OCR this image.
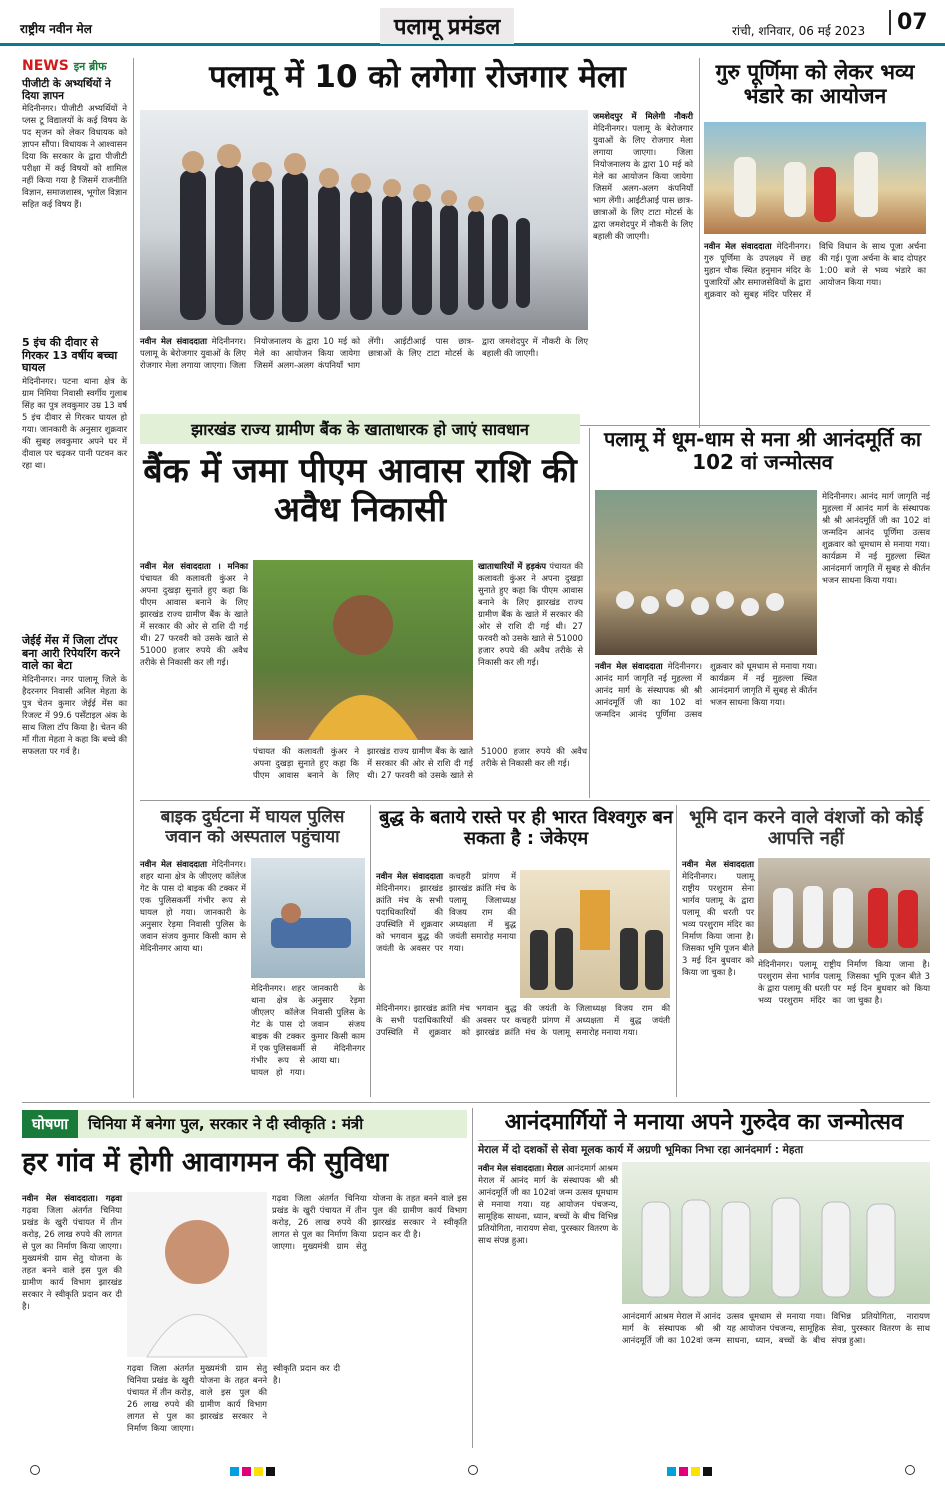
राष्ट्रीय नवीन मेल	पलामू प्रमंडल	रांची, शनिवार, 06 मई 2023	07
NEWS इन ब्रीफ
पीजीटी के अभ्यर्थियों ने दिया ज्ञापन
मेदिनीनगर। पीजीटी अभ्यर्थियों ने प्लस टू विद्यालयों के कई विषय के पद सृजन को लेकर विधायक को ज्ञापन सौंपा। विधायक ने आश्वासन दिया कि सरकार के द्वारा पीजीटी परीक्षा में कई विषयों को शामिल नहीं किया गया है जिसमें राजनीति विज्ञान, समाजशास्त्र, भूगोल विज्ञान सहित कई विषय हैं।
5 इंच की दीवार से गिरकर 13 वर्षीय बच्चा घायल
मेदिनीनगर। पटना थाना क्षेत्र के ग्राम निमिया निवासी स्वर्गीय गुलाब सिंह का पुत्र लवकुमार उम्र 13 वर्ष 5 इंच दीवार से गिरकर घायल हो गया। जानकारी के अनुसार शुक्रवार की सुबह लवकुमार अपने घर में दीवाल पर चढ़कर पानी पटवन कर रहा था।
जेईई मेंस में जिला टॉपर बना आरी रिपेयरिंग करने वाले का बेटा
मेदिनीनगर। नगर पालामू जिले के हैदरनगर निवासी अनिल मेहता के पुत्र चेतन कुमार जेईई मेंस का रिजल्ट में 99.6 पर्सेंटाइल अंक के साथ जिला टॉप किया है। चेतन की माँ गीता मेहता ने कहा कि बच्चे की सफलता पर गर्व है।
पलामू में 10 को लगेगा रोजगार मेला
नवीन मेल संवाददाता मेदिनीनगर। पलामू के बेरोजगार युवाओं के लिए राेजगार मेला लगाया जाएगा। जिला नियोजनालय के द्वारा 10 मई को मेले का आयोजन किया जायेगा जिसमें अलग-अलग कंपनियाँ भाग लेंगी। आईटीआई पास छात्र-छात्राओं के लिए टाटा मोटर्स के द्वारा जमशेदपुर में नौकरी के लिए बहाली की जाएगी।
जमशेदपुर में मिलेगी नौकरी मेदिनीनगर। पलामू के बेरोजगार युवाओं के लिए राेजगार मेला लगाया जाएगा। जिला नियोजनालय के द्वारा 10 मई को मेले का आयोजन किया जायेगा जिसमें अलग-अलग कंपनियाँ भाग लेंगी। आईटीआई पास छात्र-छात्राओं के लिए टाटा मोटर्स के द्वारा जमशेदपुर में नौकरी के लिए बहाली की जाएगी।
गुरु पूर्णिमा को लेकर भव्य भंडारे का आयोजन
नवीन मेल संवाददाता मेदिनीनगर। गुरु पूर्णिमा के उपलक्ष्य में छह मुहान चौक स्थित हनुमान मंदिर के पुजारियों और समाजसेवियों के द्वारा शुक्रवार को सुबह मंदिर परिसर में विधि विधान के साथ पूजा अर्चना की गई। पूजा अर्चना के बाद दोपहर 1:00 बजे से भव्य भंडारे का आयोजन किया गया।
झारखंड राज्य ग्रामीण बैंक के खाताधारक हो जाएं सावधान
बैंक में जमा पीएम आवास राशि की अवैध निकासी
नवीन मेल संवाददाता । मनिका पंचायत की कलावती कुंअर ने अपना दुखड़ा सुनाते हुए कहा कि पीएम आवास बनाने के लिए झारखंड राज्य ग्रामीण बैंक के खाते में सरकार की ओर से राशि दी गई थी। 27 फरवरी को उसके खाते से 51000 हजार रुपये की अवैध तरीके से निकासी कर ली गई।
पंचायत की कलावती कुंअर ने अपना दुखड़ा सुनाते हुए कहा कि पीएम आवास बनाने के लिए झारखंड राज्य ग्रामीण बैंक के खाते में सरकार की ओर से राशि दी गई थी। 27 फरवरी को उसके खाते से 51000 हजार रुपये की अवैध तरीके से निकासी कर ली गई।
खाताधारियों में हड़कंप पंचायत की कलावती कुंअर ने अपना दुखड़ा सुनाते हुए कहा कि पीएम आवास बनाने के लिए झारखंड राज्य ग्रामीण बैंक के खाते में सरकार की ओर से राशि दी गई थी। 27 फरवरी को उसके खाते से 51000 हजार रुपये की अवैध तरीके से निकासी कर ली गई।
पलामू में धूम-धाम से मना श्री आनंदमूर्ति का 102 वां जन्मोत्सव
नवीन मेल संवाददाता मेदिनीनगर। आनंद मार्ग जागृति नई मुहल्ला में आनंद मार्ग के संस्थापक श्री श्री आनंदमूर्ति जी का 102 वां जन्मदिन आनंद पूर्णिमा उत्सव शुक्रवार को धूमधाम से मनाया गया। कार्यक्रम में नई मुहल्ला स्थित आनंदमार्ग जागृति में सुबह से कीर्तन भजन साधना किया गया।
मेदिनीनगर। आनंद मार्ग जागृति नई मुहल्ला में आनंद मार्ग के संस्थापक श्री श्री आनंदमूर्ति जी का 102 वां जन्मदिन आनंद पूर्णिमा उत्सव शुक्रवार को धूमधाम से मनाया गया। कार्यक्रम में नई मुहल्ला स्थित आनंदमार्ग जागृति में सुबह से कीर्तन भजन साधना किया गया।
बाइक दुर्घटना में घायल पुलिस जवान को अस्पताल पहुंचाया
नवीन मेल संवाददाता मेदिनीनगर। शहर थाना क्षेत्र के जीएलए कॉलेज गेट के पास दो बाइक की टक्कर में एक पुलिसकर्मी गंभीर रूप से घायल हो गया। जानकारी के अनुसार रेड़मा निवासी पुलिस के जवान संजय कुमार किसी काम से मेदिनीनगर आया था।
मेदिनीनगर। शहर थाना क्षेत्र के जीएलए कॉलेज गेट के पास दो बाइक की टक्कर में एक पुलिसकर्मी गंभीर रूप से घायल हो गया। जानकारी के अनुसार रेड़मा निवासी पुलिस के जवान संजय कुमार किसी काम से मेदिनीनगर आया था।
बुद्ध के बताये रास्ते पर ही भारत विश्वगुरु बन सकता है : जेकेएम
नवीन मेल संवाददाता मेदिनीनगर। झारखंड क्रांति मंच के सभी पदाधिकारियों की उपस्थिति में शुक्रवार को भगवान बुद्ध की जयंती के अवसर पर कचहरी प्रांगण में झारखंड क्रांति मंच के पलामू जिलाध्यक्ष विजय राम की अध्यक्षता में बुद्ध जयंती समारोह मनाया गया।
मेदिनीनगर। झारखंड क्रांति मंच के सभी पदाधिकारियों की उपस्थिति में शुक्रवार को भगवान बुद्ध की जयंती के अवसर पर कचहरी प्रांगण में झारखंड क्रांति मंच के पलामू जिलाध्यक्ष विजय राम की अध्यक्षता में बुद्ध जयंती समारोह मनाया गया।
भूमि दान करने वाले वंशजों को कोई आपत्ति नहीं
नवीन मेल संवाददाता मेदिनीनगर। पलामू राष्ट्रीय परशुराम सेना भार्गव पलामू के द्वारा पलामू की धरती पर भव्य परशुराम मंदिर का निर्माण किया जाना है। जिसका भूमि पूजन बीते 3 मई दिन बुधवार को किया जा चुका है।
मेदिनीनगर। पलामू राष्ट्रीय परशुराम सेना भार्गव पलामू के द्वारा पलामू की धरती पर भव्य परशुराम मंदिर का निर्माण किया जाना है। जिसका भूमि पूजन बीते 3 मई दिन बुधवार को किया जा चुका है।
घोषणा	चिनिया में बनेगा पुल, सरकार ने दी स्वीकृति : मंत्री
हर गांव में होगी आवागमन की सुविधा
नवीन मेल संवाददाता। गढ़वा गढ़वा जिला अंतर्गत चिनिया प्रखंड के खुरी पंचायत में तीन करोड़, 26 लाख रुपये की लागत से पुल का निर्माण किया जाएगा। मुख्यमंत्री ग्राम सेतु योजना के तहत बनने वाले इस पुल की ग्रामीण कार्य विभाग झारखंड सरकार ने स्वीकृति प्रदान कर दी है।
गढ़वा जिला अंतर्गत चिनिया प्रखंड के खुरी पंचायत में तीन करोड़, 26 लाख रुपये की लागत से पुल का निर्माण किया जाएगा। मुख्यमंत्री ग्राम सेतु योजना के तहत बनने वाले इस पुल की ग्रामीण कार्य विभाग झारखंड सरकार ने स्वीकृति प्रदान कर दी है।
गढ़वा जिला अंतर्गत चिनिया प्रखंड के खुरी पंचायत में तीन करोड़, 26 लाख रुपये की लागत से पुल का निर्माण किया जाएगा। मुख्यमंत्री ग्राम सेतु योजना के तहत बनने वाले इस पुल की ग्रामीण कार्य विभाग झारखंड सरकार ने स्वीकृति प्रदान कर दी है।
आनंदमार्गियों ने मनाया अपने गुरुदेव का जन्मोत्सव
मेराल में दो दशकों से सेवा मूलक कार्य में अग्रणी भूमिका निभा रहा आनंदमार्ग : मेहता
नवीन मेल संवाददाता। मेराल आनंदमार्ग आश्रम मेराल में आनंद मार्ग के संस्थापक श्री श्री आनंदमूर्ति जी का 102वां जन्म उत्सव धूमधाम से मनाया गया। यह आयोजन पंचजन्य, सामूहिक साधना, ध्यान, बच्चों के बीच विभिन्न प्रतियोगिता, नारायण सेवा, पुरस्कार वितरण के साथ संपन्न हुआ।
आनंदमार्ग आश्रम मेराल में आनंद मार्ग के संस्थापक श्री श्री आनंदमूर्ति जी का 102वां जन्म उत्सव धूमधाम से मनाया गया। यह आयोजन पंचजन्य, सामूहिक साधना, ध्यान, बच्चों के बीच विभिन्न प्रतियोगिता, नारायण सेवा, पुरस्कार वितरण के साथ संपन्न हुआ।
